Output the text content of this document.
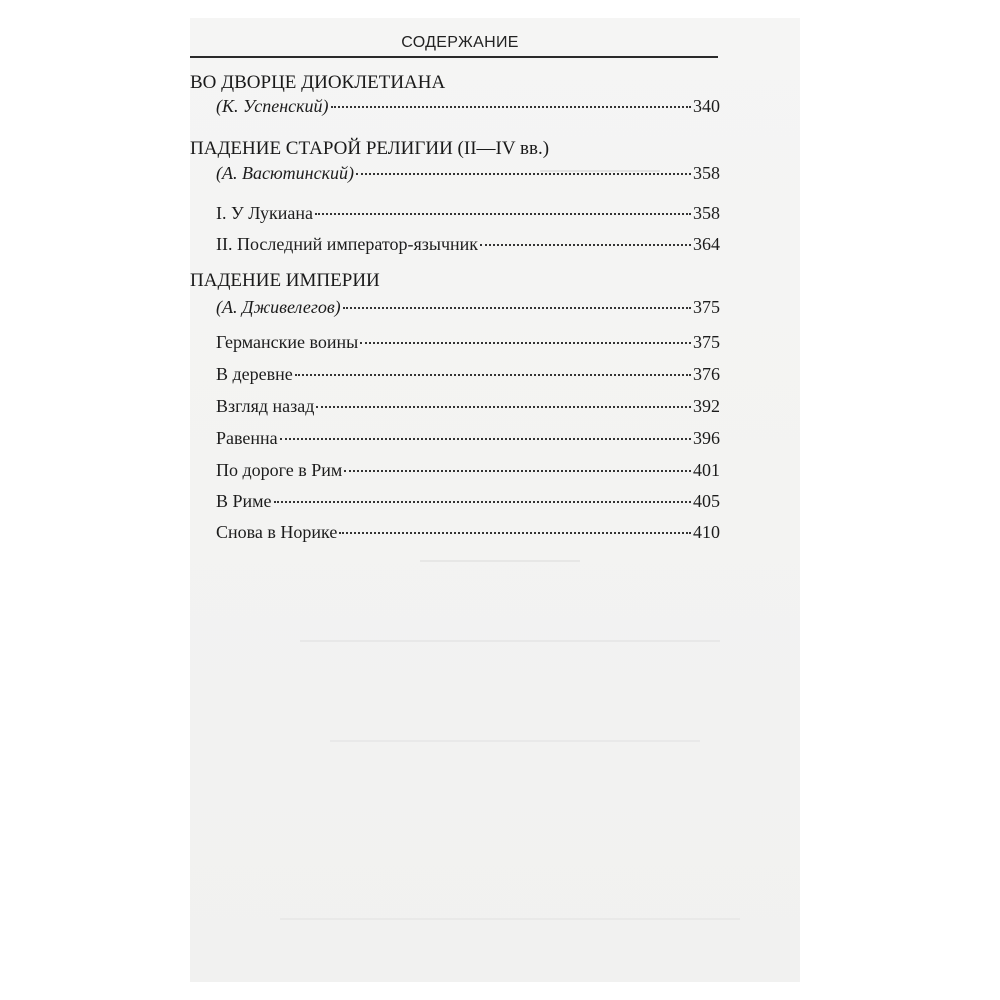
СОДЕРЖАНИЕ
ВО ДВОРЦЕ ДИОКЛЕТИАНА
(К. Успенский)	340
ПАДЕНИЕ СТАРОЙ РЕЛИГИИ (II—IV вв.)
(А. Васютинский)	358
I. У Лукиана	358
II. Последний император-язычник	364
ПАДЕНИЕ ИМПЕРИИ
(А. Дживелегов)	375
Германские воины	375
В деревне	376
Взгляд назад	392
Равенна	396
По дороге в Рим	401
В Риме	405
Снова в Норике	410
